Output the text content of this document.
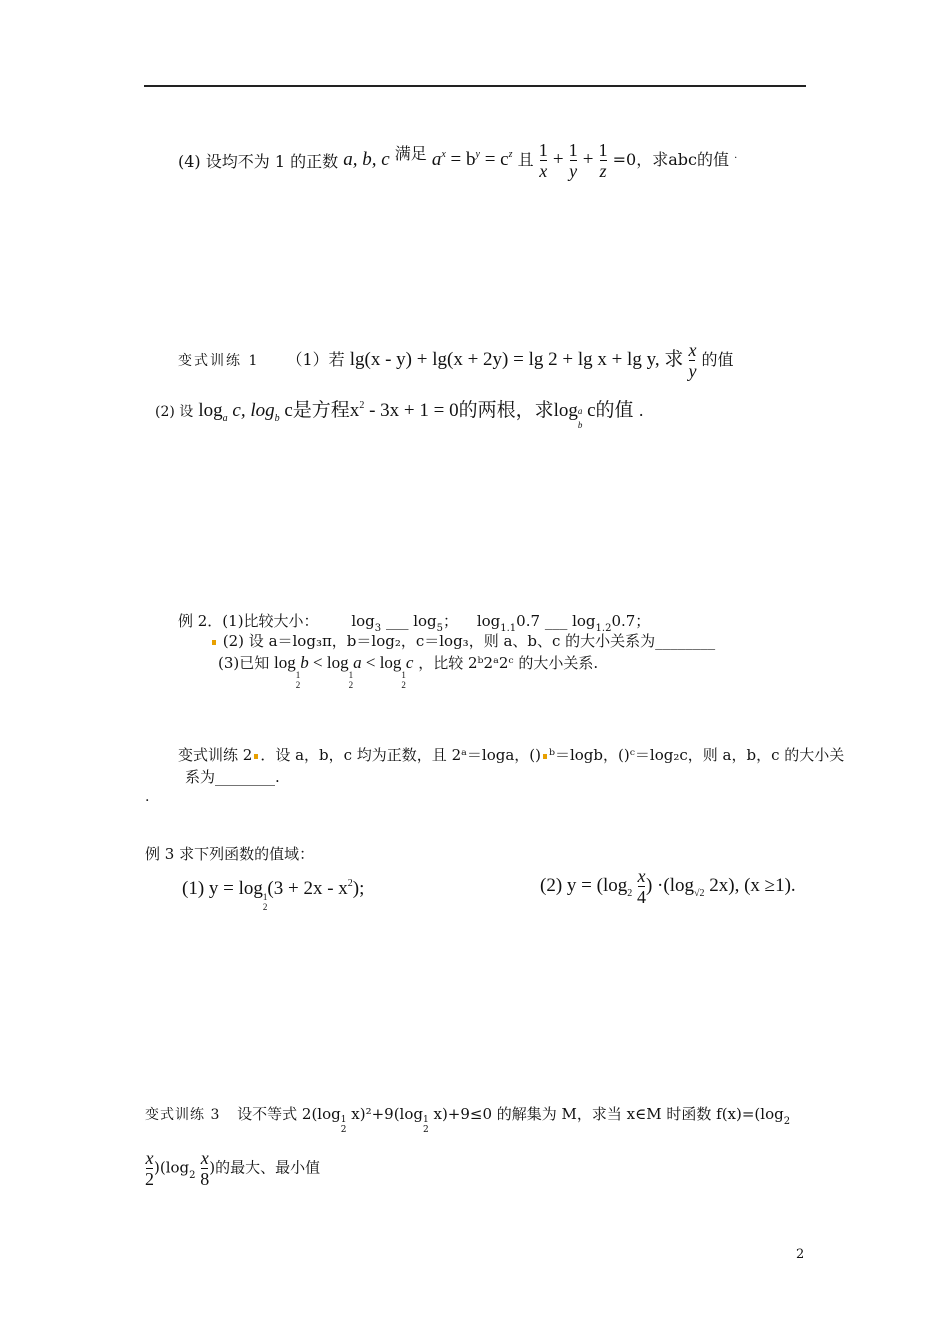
(4) 设均不为 1 的正数 a, b, c 满足 $a^x = b^y = c^z$ 且 $\frac{1}{x} + \frac{1}{y} + \frac{1}{z} =0$，求abc的值 ·
变式训练 1 （1）若 lg(x - y) + lg(x + 2y) = lg 2 + lg x + lg y, 求 $\frac{x}{y}$ 的值
(2) 设 $\log_a c$, $\log_b c$是方程$x^2 - 3x + 1 = 0$的两根，求log a
b
c的值 .
例 2．(1)比较大小： $\log_3$ ___ $\log_5$； $\log_{1.1}0.7$ ___ $\log_{1.2}0.7$；
(2) 设 a＝log₃π，b＝log₂，c＝log₃，则 a、b、c 的大小关系为________
(3)已知 log
1
2
b < log
1
2
a < log
1
2
c ，比较 2ᵇ2ᵃ2ᶜ 的大小关系.
变式训练 2 ．设 a，b，c 均为正数，且 2ᵃ＝loga，() ᵇ＝logb，()ᶜ＝log₂c，则 a，b，c 的大小关
系为________.
.
例 3 求下列函数的值域：
(1) y = log 1
2
$(3 + 2x - x^2)$;	(2) $y = (\log_2 \frac{x}{4}$ ) $\cdot(\log_{√2}$ 2x), (x ≥1).
变式训练 3 设不等式 2(log 1
2
x)²+9(log 1
2
x)+9≤0 的解集为 M，求当 x∈M 时函数 $f(x)=(\log_2$
$\frac{x}{2} )(\log_2 \frac{x}{8}$ )的最大、最小值
2
